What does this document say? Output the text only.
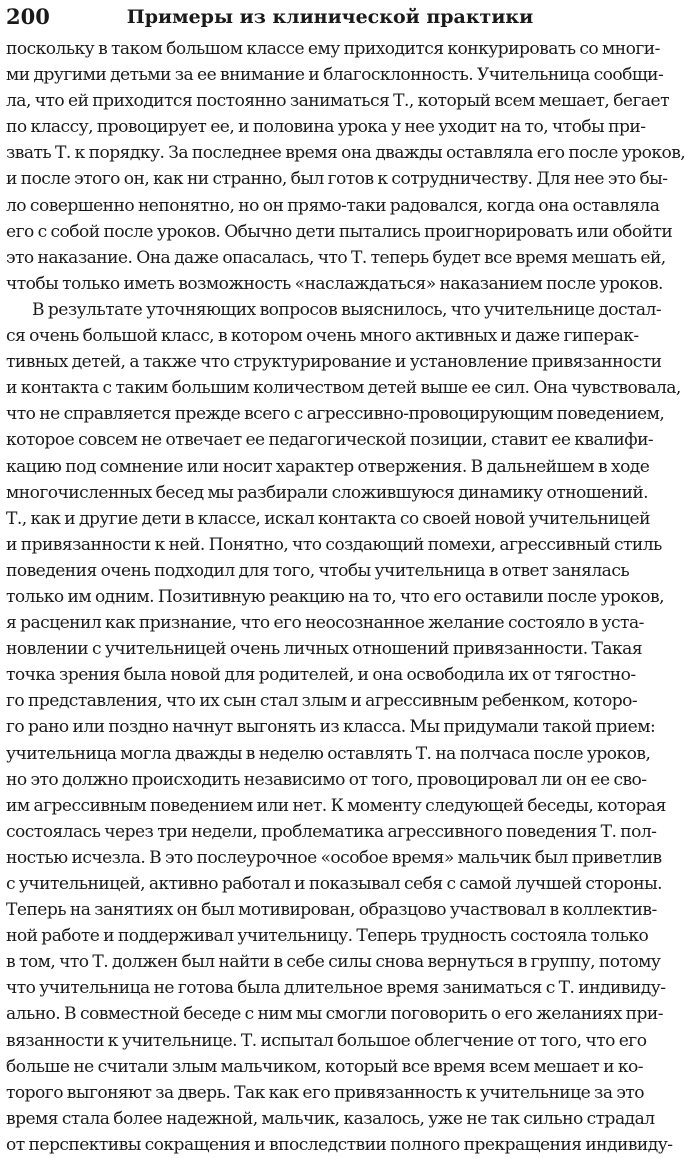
200	Примеры из клинической практики
поскольку в таком большом классе ему приходится конкурировать со многи-
ми другими детьми за ее внимание и благосклонность. Учительница сообщи-
ла, что ей приходится постоянно заниматься Т., который всем мешает, бегает
по классу, провоцирует ее, и половина урока у нее уходит на то, чтобы при-
звать Т. к порядку. За последнее время она дважды оставляла его после уроков,
и после этого он, как ни странно, был готов к сотрудничеству. Для нее это бы-
ло совершенно непонятно, но он прямо-таки радовался, когда она оставляла
его с собой после уроков. Обычно дети пытались проигнорировать или обойти
это наказание. Она даже опасалась, что Т. теперь будет все время мешать ей,
чтобы только иметь возможность «наслаждаться» наказанием после уроков.
В результате уточняющих вопросов выяснилось, что учительнице достал-
ся очень большой класс, в котором очень много активных и даже гиперак-
тивных детей, а также что структурирование и установление привязанности
и контакта с таким большим количеством детей выше ее сил. Она чувствовала,
что не справляется прежде всего с агрессивно-провоцирующим поведением,
которое совсем не отвечает ее педагогической позиции, ставит ее квалифи-
кацию под сомнение или носит характер отвержения. В дальнейшем в ходе
многочисленных бесед мы разбирали сложившуюся динамику отношений.
Т., как и другие дети в классе, искал контакта со своей новой учительницей
и привязанности к ней. Понятно, что создающий помехи, агрессивный стиль
поведения очень подходил для того, чтобы учительница в ответ занялась
только им одним. Позитивную реакцию на то, что его оставили после уроков,
я расценил как признание, что его неосознанное желание состояло в уста-
новлении с учительницей очень личных отношений привязанности. Такая
точка зрения была новой для родителей, и она освободила их от тягостно-
го представления, что их сын стал злым и агрессивным ребенком, которо-
го рано или поздно начнут выгонять из класса. Мы придумали такой прием:
учительница могла дважды в неделю оставлять Т. на полчаса после уроков,
но это должно происходить независимо от того, провоцировал ли он ее сво-
им агрессивным поведением или нет. К моменту следующей беседы, которая
состоялась через три недели, проблематика агрессивного поведения Т. пол-
ностью исчезла. В это послеурочное «особое время» мальчик был приветлив
с учительницей, активно работал и показывал себя с самой лучшей стороны.
Теперь на занятиях он был мотивирован, образцово участвовал в коллектив-
ной работе и поддерживал учительницу. Теперь трудность состояла только
в том, что Т. должен был найти в себе силы снова вернуться в группу, потому
что учительница не готова была длительное время заниматься с Т. индивиду-
ально. В совместной беседе с ним мы смогли поговорить о его желаниях при-
вязанности к учительнице. Т. испытал большое облегчение от того, что его
больше не считали злым мальчиком, который все время всем мешает и ко-
торого выгоняют за дверь. Так как его привязанность к учительнице за это
время стала более надежной, мальчик, казалось, уже не так сильно страдал
от перспективы сокращения и впоследствии полного прекращения индивиду-
